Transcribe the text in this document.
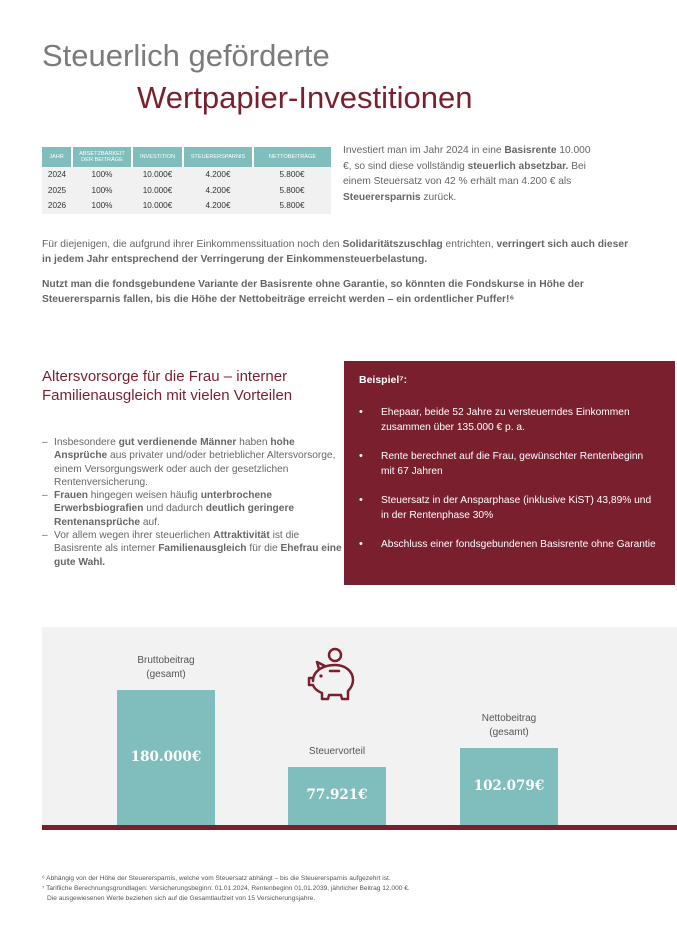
Steuerlich geförderte
Wertpapier-Investitionen
JAHR	ABSETZBARKEIT DER BEITRÄGE	INVESTITION	STEUERERSPARNIS	NETTOBEITRÄGE
2024	100%	10.000€	4.200€	5.800€
2025	100%	10.000€	4.200€	5.800€
2026	100%	10.000€	4.200€	5.800€
Investiert man im Jahr 2024 in eine Basisrente 10.000 €, so sind diese vollständig steuerlich absetzbar. Bei einem Steuersatz von 42 % erhält man 4.200 € als Steuerersparnis zurück.
Für diejenigen, die aufgrund ihrer Einkommenssituation noch den Solidaritätszuschlag entrichten, verringert sich auch dieser in jedem Jahr entsprechend der Verringerung der Einkommensteuerbelastung.
Nutzt man die fondsgebundene Variante der Basisrente ohne Garantie, so könnten die Fondskurse in Höhe der Steuerersparnis fallen, bis die Höhe der Nettobeiträge erreicht werden – ein ordentlicher Puffer!⁶
Altersvorsorge für die Frau – interner Familienausgleich mit vielen Vorteilen
– Insbesondere gut verdienende Männer haben hohe Ansprüche aus privater und/oder betrieblicher Altersvorsorge, einem Versorgungswerk oder auch der gesetzlichen Rentenversicherung.
– Frauen hingegen weisen häufig unterbrochene Erwerbsbiografien und dadurch deutlich geringere Rentenansprüche auf.
– Vor allem wegen ihrer steuerlichen Attraktivität ist die Basisrente als interner Familienausgleich für die Ehefrau eine gute Wahl.
Beispiel⁷:
• Ehepaar, beide 52 Jahre zu versteuerndes Einkommen zusammen über 135.000 € p. a.
• Rente berechnet auf die Frau, gewünschter Rentenbeginn mit 67 Jahren
• Steuersatz in der Ansparphase (inklusive KiST) 43,89% und in der Rentenphase 30%
• Abschluss einer fondsgebundenen Basisrente ohne Garantie
180.000€
77.921€
102.079€
Bruttobeitrag
(gesamt)
Steuervorteil
Nettobeitrag
(gesamt)
⁶ Abhängig von der Höhe der Steuerersparnis, welche vom Steuersatz abhängt – bis die Steuerersparnis aufgezehrt ist.
⁷ Tarifliche Berechnungsgrundlagen: Versicherungsbeginn: 01.01.2024, Rentenbeginn 01.01.2039, jährlicher Beitrag 12.000 €.
Die ausgewiesenen Werte beziehen sich auf die Gesamtlaufzeit von 15 Versicherungsjahre.
